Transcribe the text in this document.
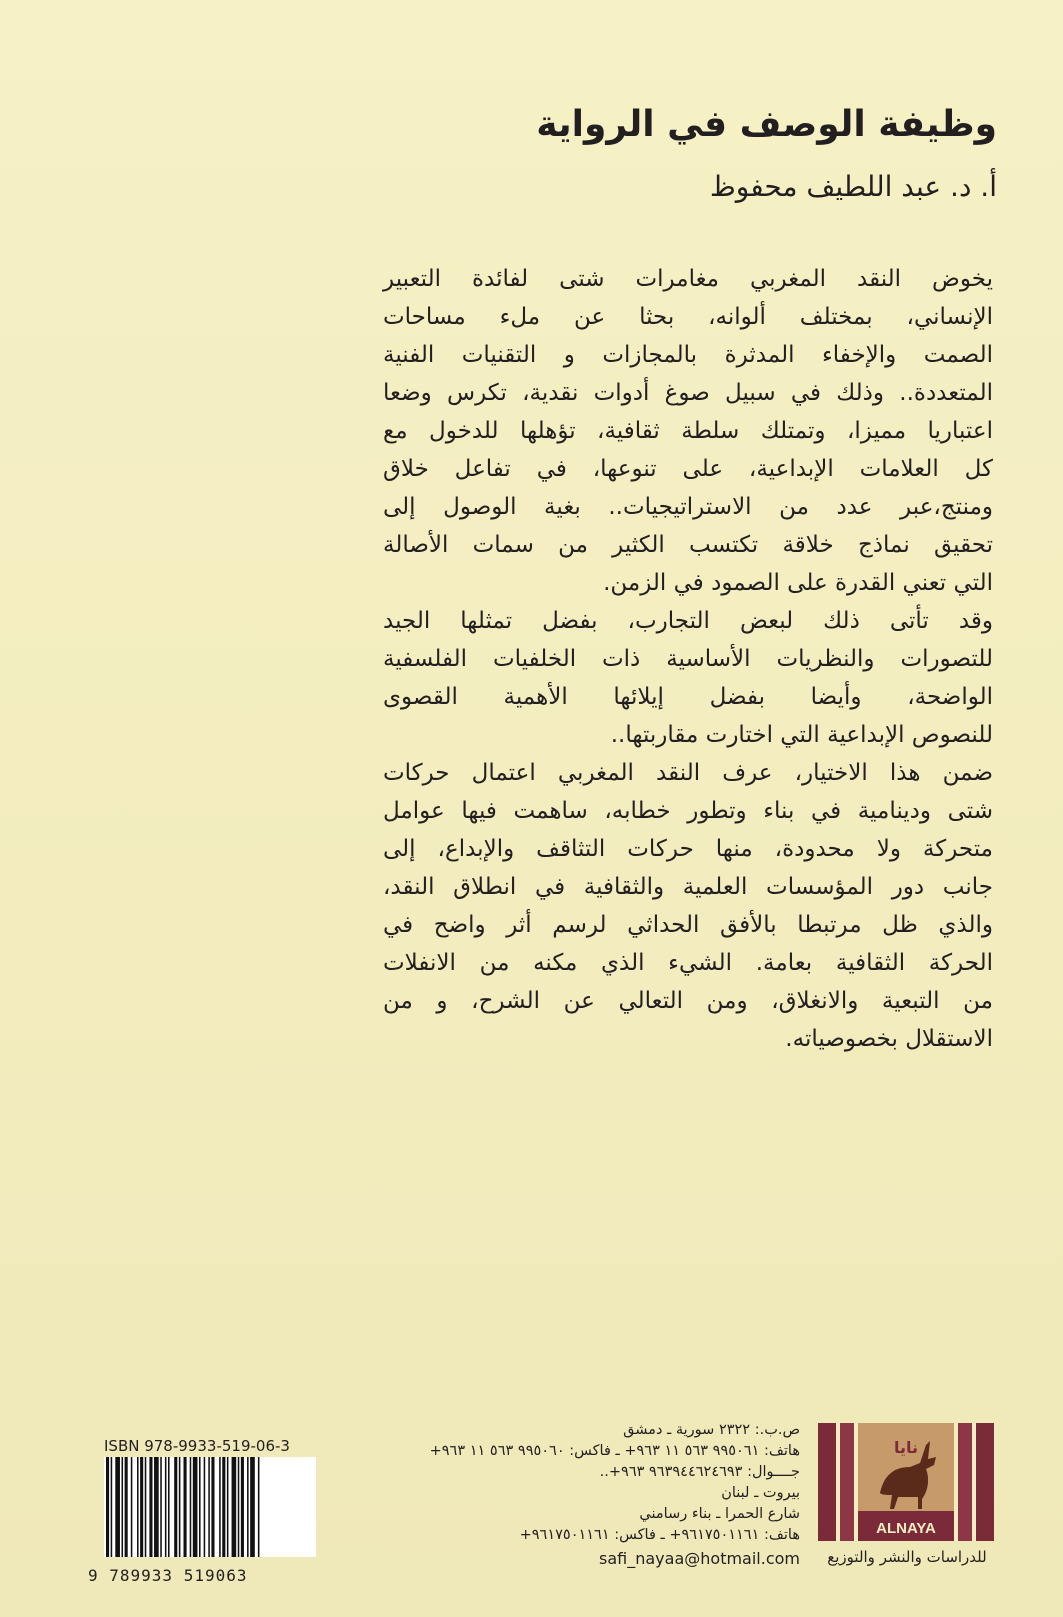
وظيفة الوصف في الرواية
أ. د. عبد اللطيف محفوظ
يخوض النقد المغربي مغامرات شتى لفائدة التعبير
الإنساني، بمختلف ألوانه، بحثا عن ملء مساحات
الصمت والإخفاء المدثرة بالمجازات و التقنيات الفنية
المتعددة.. وذلك في سبيل صوغ أدوات نقدية، تكرس وضعا
اعتباريا مميزا، وتمتلك سلطة ثقافية، تؤهلها للدخول مع
كل العلامات الإبداعية، على تنوعها، في تفاعل خلاق
ومنتج،عبر عدد من الاستراتيجيات.. بغية الوصول إلى
تحقيق نماذج خلاقة تكتسب الكثير من سمات الأصالة
التي تعني القدرة على الصمود في الزمن.
وقد تأتى ذلك لبعض التجارب، بفضل تمثلها الجيد
للتصورات والنظريات الأساسية ذات الخلفيات الفلسفية
الواضحة، وأيضا بفضل إيلائها الأهمية القصوى
للنصوص الإبداعية التي اختارت مقاربتها..
ضمن هذا الاختيار، عرف النقد المغربي اعتمال حركات
شتى ودينامية في بناء وتطور خطابه، ساهمت فيها عوامل
متحركة ولا محدودة، منها حركات التثاقف والإبداع، إلى
جانب دور المؤسسات العلمية والثقافية في انطلاق النقد،
والذي ظل مرتبطا بالأفق الحداثي لرسم أثر واضح في
الحركة الثقافية بعامة. الشيء الذي مكنه من الانفلات
من التبعية والانغلاق، ومن التعالي عن الشرح، و من
الاستقلال بخصوصياته.
ALNAYA
نايا
للدراسات والنشر والتوزيع
ص.ب.: ٢٣٢٢ سورية ـ دمشق
هاتف: ٩٩٥٠٦١ ٥٦٣ ١١ ٩٦٣+ ـ فاكس: ٩٩٥٠٦٠ ٥٦٣ ١١ ٩٦٣+
جــــوال: ٩٦٣٩٤٤٦٢٤٦٩٣ ٩٦٣+..
بيروت ـ لبنان
شارع الحمرا ـ بناء رسامني
هاتف: ٩٦١٧٥٠١١٦١+ ـ فاكس: ٩٦١٧٥٠١١٦١+
safi_nayaa@hotmail.com
ISBN 978-9933-519-06-3
9 789933 519063
